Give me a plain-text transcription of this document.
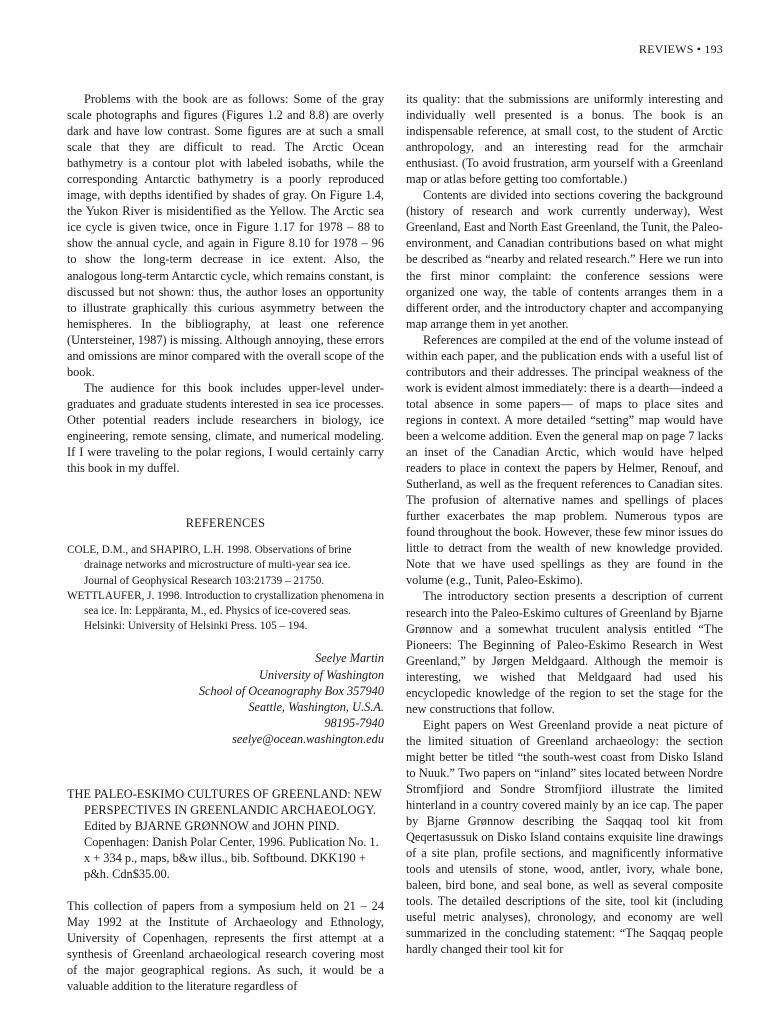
REVIEWS • 193

Problems with the book are as follows: Some of the gray scale photographs and figures (Figures 1.2 and 8.8) are overly dark and have low contrast. Some figures are at such a small scale that they are difficult to read. The Arctic Ocean bathymetry is a contour plot with labeled isobaths, while the corresponding Antarctic bathymetry is a poorly reproduced image, with depths identified by shades of gray. On Figure 1.4, the Yukon River is misidentified as the Yellow. The Arctic sea ice cycle is given twice, once in Figure 1.17 for 1978 – 88 to show the annual cycle, and again in Figure 8.10 for 1978 – 96 to show the long-term decrease in ice extent. Also, the analogous long-term Antarctic cycle, which remains constant, is discussed but not shown: thus, the author loses an opportunity to illustrate graphically this curious asymmetry between the hemispheres. In the bibliography, at least one reference (Untersteiner, 1987) is missing. Although annoying, these errors and omissions are minor compared with the overall scope of the book.

The audience for this book includes upper-level undergraduates and graduate students interested in sea ice processes. Other potential readers include researchers in biology, ice engineering, remote sensing, climate, and numerical modeling. If I were traveling to the polar regions, I would certainly carry this book in my duffel.

REFERENCES
COLE, D.M., and SHAPIRO, L.H. 1998. Observations of brine drainage networks and microstructure of multi-year sea ice. Journal of Geophysical Research 103:21739 – 21750.
WETTLAUFER, J. 1998. Introduction to crystallization phenomena in sea ice. In: Leppäranta, M., ed. Physics of ice-covered seas. Helsinki: University of Helsinki Press. 105 – 194.
Seelye Martin
University of Washington
School of Oceanography Box 357940
Seattle, Washington, U.S.A.
98195-7940
seelye@ocean.washington.edu
THE PALEO-ESKIMO CULTURES OF GREENLAND: NEW PERSPECTIVES IN GREENLANDIC ARCHAEOLOGY. Edited by BJARNE GRØNNOW and JOHN PIND. Copenhagen: Danish Polar Center, 1996. Publication No. 1. x + 334 p., maps, b&w illus., bib. Softbound. DKK190 + p&h. Cdn$35.00.

This collection of papers from a symposium held on 21 – 24 May 1992 at the Institute of Archaeology and Ethnology, University of Copenhagen, represents the first attempt at a synthesis of Greenland archaeological research covering most of the major geographical regions. As such, it would be a valuable addition to the literature regardless of

its quality: that the submissions are uniformly interesting and individually well presented is a bonus. The book is an indispensable reference, at small cost, to the student of Arctic anthropology, and an interesting read for the armchair enthusiast. (To avoid frustration, arm yourself with a Greenland map or atlas before getting too comfortable.)

Contents are divided into sections covering the background (history of research and work currently underway), West Greenland, East and North East Greenland, the Tunit, the Paleo-environment, and Canadian contributions based on what might be described as “nearby and related research.” Here we run into the first minor complaint: the conference sessions were organized one way, the table of contents arranges them in a different order, and the introductory chapter and accompanying map arrange them in yet another.

References are compiled at the end of the volume instead of within each paper, and the publication ends with a useful list of contributors and their addresses. The principal weakness of the work is evident almost immediately: there is a dearth—indeed a total absence in some papers— of maps to place sites and regions in context. A more detailed “setting” map would have been a welcome addition. Even the general map on page 7 lacks an inset of the Canadian Arctic, which would have helped readers to place in context the papers by Helmer, Renouf, and Sutherland, as well as the frequent references to Canadian sites. The profusion of alternative names and spellings of places further exacerbates the map problem. Numerous typos are found throughout the book. However, these few minor issues do little to detract from the wealth of new knowledge provided. Note that we have used spellings as they are found in the volume (e.g., Tunit, Paleo-Eskimo).

The introductory section presents a description of current research into the Paleo-Eskimo cultures of Greenland by Bjarne Grønnow and a somewhat truculent analysis entitled “The Pioneers: The Beginning of Paleo-Eskimo Research in West Greenland,” by Jørgen Meldgaard. Although the memoir is interesting, we wished that Meldgaard had used his encyclopedic knowledge of the region to set the stage for the new constructions that follow.

Eight papers on West Greenland provide a neat picture of the limited situation of Greenland archaeology: the section might better be titled “the south-west coast from Disko Island to Nuuk.” Two papers on “inland” sites located between Nordre Stromfjiord and Sondre Stromfjiord illustrate the limited hinterland in a country covered mainly by an ice cap. The paper by Bjarne Grønnow describing the Saqqaq tool kit from Qeqertasussuk on Disko Island contains exquisite line drawings of a site plan, profile sections, and magnificently informative tools and utensils of stone, wood, antler, ivory, whale bone, baleen, bird bone, and seal bone, as well as several composite tools. The detailed descriptions of the site, tool kit (including useful metric analyses), chronology, and economy are well summarized in the concluding statement: “The Saqqaq people hardly changed their tool kit for
